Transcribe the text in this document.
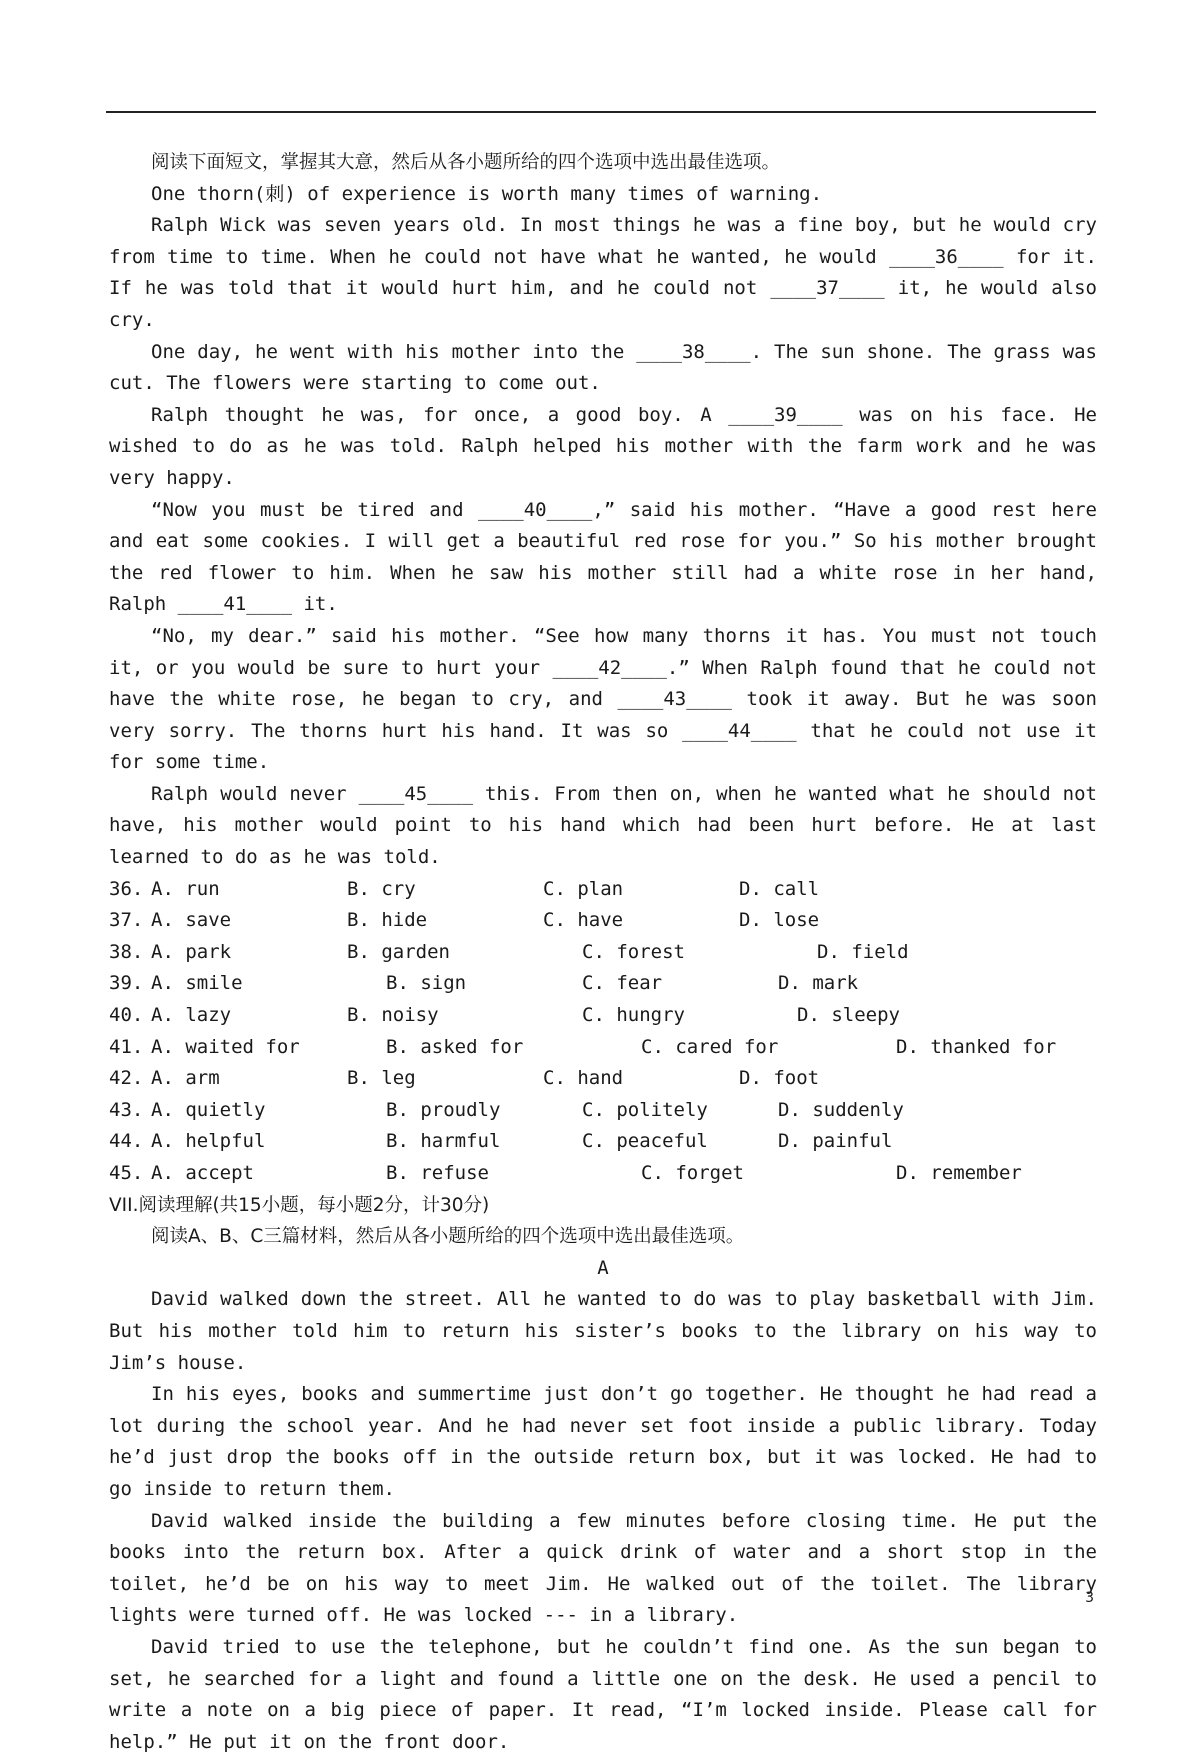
阅读下面短文，掌握其大意，然后从各小题所给的四个选项中选出最佳选项。

One thorn(刺) of experience is worth many times of warning.

Ralph Wick was seven years old. In most things he was a fine boy, but he would cry from time to time. When he could not have what he wanted, he would ____36____ for it. If he was told that it would hurt him, and he could not ____37____ it, he would also cry.

One day, he went with his mother into the ____38____. The sun shone. The grass was cut. The flowers were starting to come out.

Ralph thought he was, for once, a good boy. A ____39____ was on his face. He wished to do as he was told. Ralph helped his mother with the farm work and he was very happy.

“Now you must be tired and ____40____,” said his mother. “Have a good rest here and eat some cookies. I will get a beautiful red rose for you.” So his mother brought the red flower to him. When he saw his mother still had a white rose in her hand, Ralph ____41____ it.

“No, my dear.” said his mother. “See how many thorns it has. You must not touch it, or you would be sure to hurt your ____42____.” When Ralph found that he could not have the white rose, he began to cry, and ____43____ took it away. But he was soon very sorry. The thorns hurt his hand. It was so ____44____ that he could not use it for some time.

Ralph would never ____45____ this. From then on, when he wanted what he should not have, his mother would point to his hand which had been hurt before. He at last learned to do as he was told.

36. A. run	B. cry	C. plan	D. call
37. A. save	B. hide	C. have	D. lose
38. A. park	B. garden	C. forest	D. field
39. A. smile	B. sign	C. fear	D. mark
40. A. lazy	B. noisy	C. hungry	D. sleepy
41. A. waited for	B. asked for	C. cared for	D. thanked for
42. A. arm	B. leg	C. hand	D. foot
43. A. quietly	B. proudly	C. politely	D. suddenly
44. A. helpful	B. harmful	C. peaceful	D. painful
45. A. accept	B. refuse	C. forget	D. remember

VII.阅读理解(共15小题，每小题2分，计30分)

阅读A、B、C三篇材料，然后从各小题所给的四个选项中选出最佳选项。

A

David walked down the street. All he wanted to do was to play basketball with Jim. But his mother told him to return his sister’s books to the library on his way to Jim’s house.

In his eyes, books and summertime just don’t go together. He thought he had read a lot during the school year. And he had never set foot inside a public library. Today he’d just drop the books off in the outside return box, but it was locked. He had to go inside to return them.

David walked inside the building a few minutes before closing time. He put the books into the return box. After a quick drink of water and a short stop in the toilet, he’d be on his way to meet Jim. He walked out of the toilet. The library lights were turned off. He was locked --- in a library.

David tried to use the telephone, but he couldn’t find one. As the sun began to set, he searched for a light and found a little one on the desk. He used a pencil to write a note on a big piece of paper. It read, “I’m locked inside. Please call for help.” He put it on the front door.

3
